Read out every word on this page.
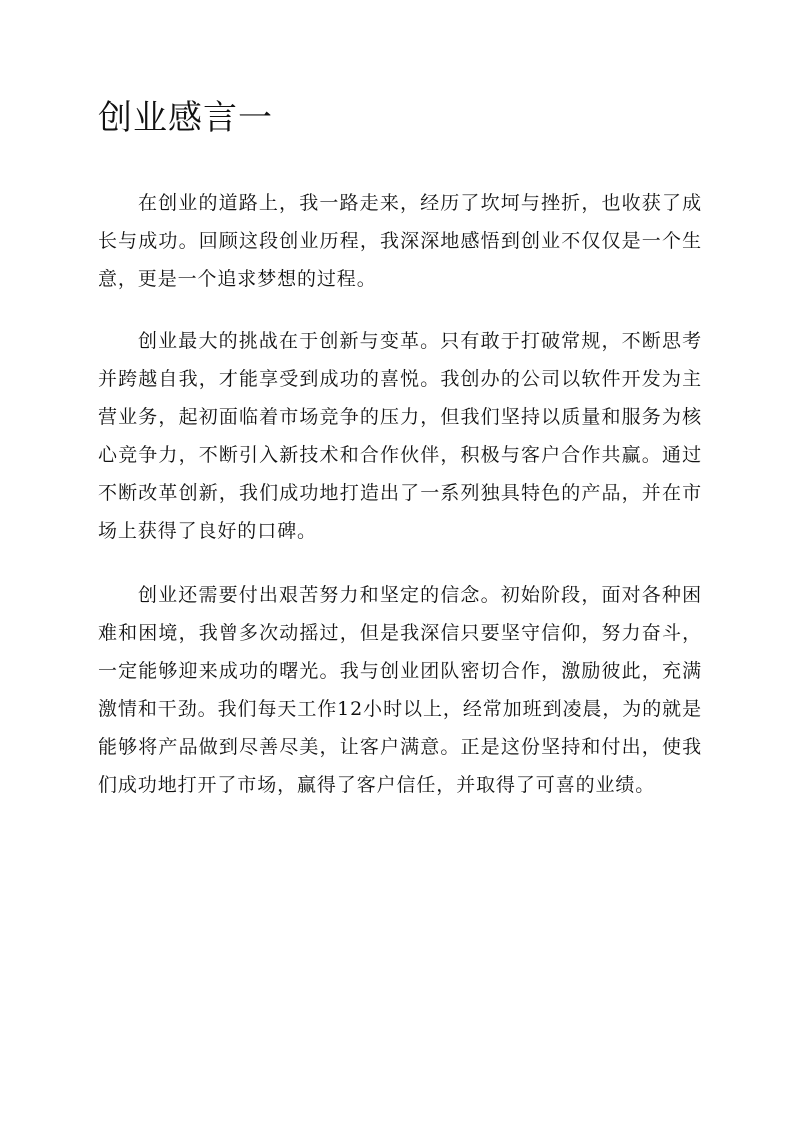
创业感言一

在创业的道路上，我一路走来，经历了坎坷与挫折，也收获了成长与成功。回顾这段创业历程，我深深地感悟到创业不仅仅是一个生意，更是一个追求梦想的过程。

创业最大的挑战在于创新与变革。只有敢于打破常规，不断思考并跨越自我，才能享受到成功的喜悦。我创办的公司以软件开发为主营业务，起初面临着市场竞争的压力，但我们坚持以质量和服务为核心竞争力，不断引入新技术和合作伙伴，积极与客户合作共赢。通过不断改革创新，我们成功地打造出了一系列独具特色的产品，并在市场上获得了良好的口碑。

创业还需要付出艰苦努力和坚定的信念。初始阶段，面对各种困难和困境，我曾多次动摇过，但是我深信只要坚守信仰，努力奋斗，一定能够迎来成功的曙光。我与创业团队密切合作，激励彼此，充满激情和干劲。我们每天工作12小时以上，经常加班到凌晨，为的就是能够将产品做到尽善尽美，让客户满意。正是这份坚持和付出，使我们成功地打开了市场，赢得了客户信任，并取得了可喜的业绩。
